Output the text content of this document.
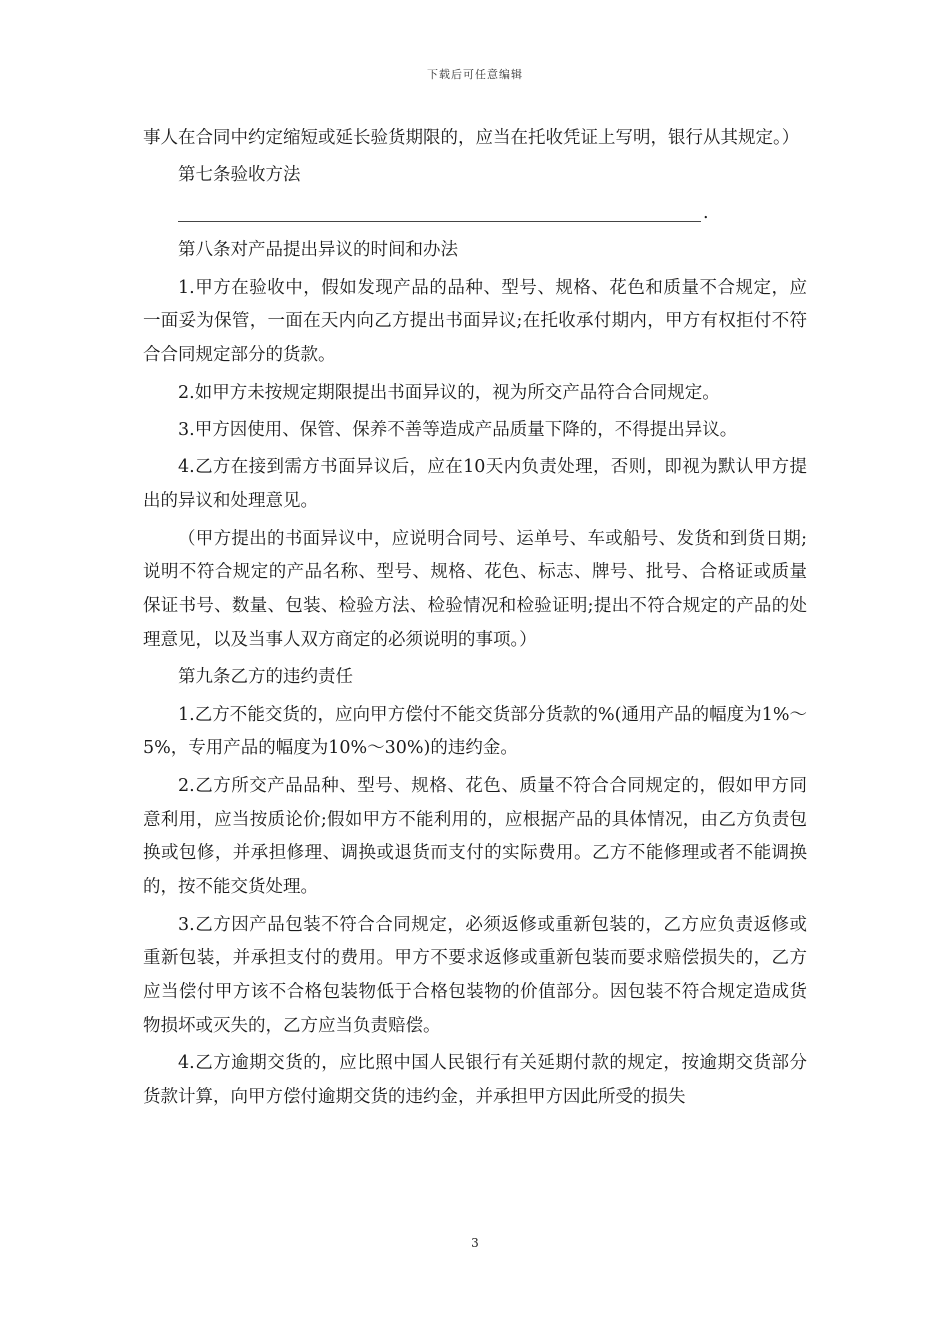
下载后可任意编辑

事人在合同中约定缩短或延长验货期限的，应当在托收凭证上写明，银行从其规定。）

第七条验收方法

.

第八条对产品提出异议的时间和办法

1.甲方在验收中，假如发现产品的品种、型号、规格、花色和质量不合规定，应一面妥为保管，一面在天内向乙方提出书面异议;在托收承付期内，甲方有权拒付不符合合同规定部分的货款。

2.如甲方未按规定期限提出书面异议的，视为所交产品符合合同规定。

3.甲方因使用、保管、保养不善等造成产品质量下降的，不得提出异议。

4.乙方在接到需方书面异议后，应在10天内负责处理，否则，即视为默认甲方提出的异议和处理意见。

（甲方提出的书面异议中，应说明合同号、运单号、车或船号、发货和到货日期;说明不符合规定的产品名称、型号、规格、花色、标志、牌号、批号、合格证或质量保证书号、数量、包装、检验方法、检验情况和检验证明;提出不符合规定的产品的处理意见，以及当事人双方商定的必须说明的事项。）

第九条乙方的违约责任

1.乙方不能交货的，应向甲方偿付不能交货部分货款的%(通用产品的幅度为1%～5%，专用产品的幅度为10%～30%)的违约金。

2.乙方所交产品品种、型号、规格、花色、质量不符合合同规定的，假如甲方同意利用，应当按质论价;假如甲方不能利用的，应根据产品的具体情况，由乙方负责包换或包修，并承担修理、调换或退货而支付的实际费用。乙方不能修理或者不能调换的，按不能交货处理。

3.乙方因产品包装不符合合同规定，必须返修或重新包装的，乙方应负责返修或重新包装，并承担支付的费用。甲方不要求返修或重新包装而要求赔偿损失的，乙方应当偿付甲方该不合格包装物低于合格包装物的价值部分。因包装不符合规定造成货物损坏或灭失的，乙方应当负责赔偿。

4.乙方逾期交货的，应比照中国人民银行有关延期付款的规定，按逾期交货部分货款计算，向甲方偿付逾期交货的违约金，并承担甲方因此所受的损失

3
